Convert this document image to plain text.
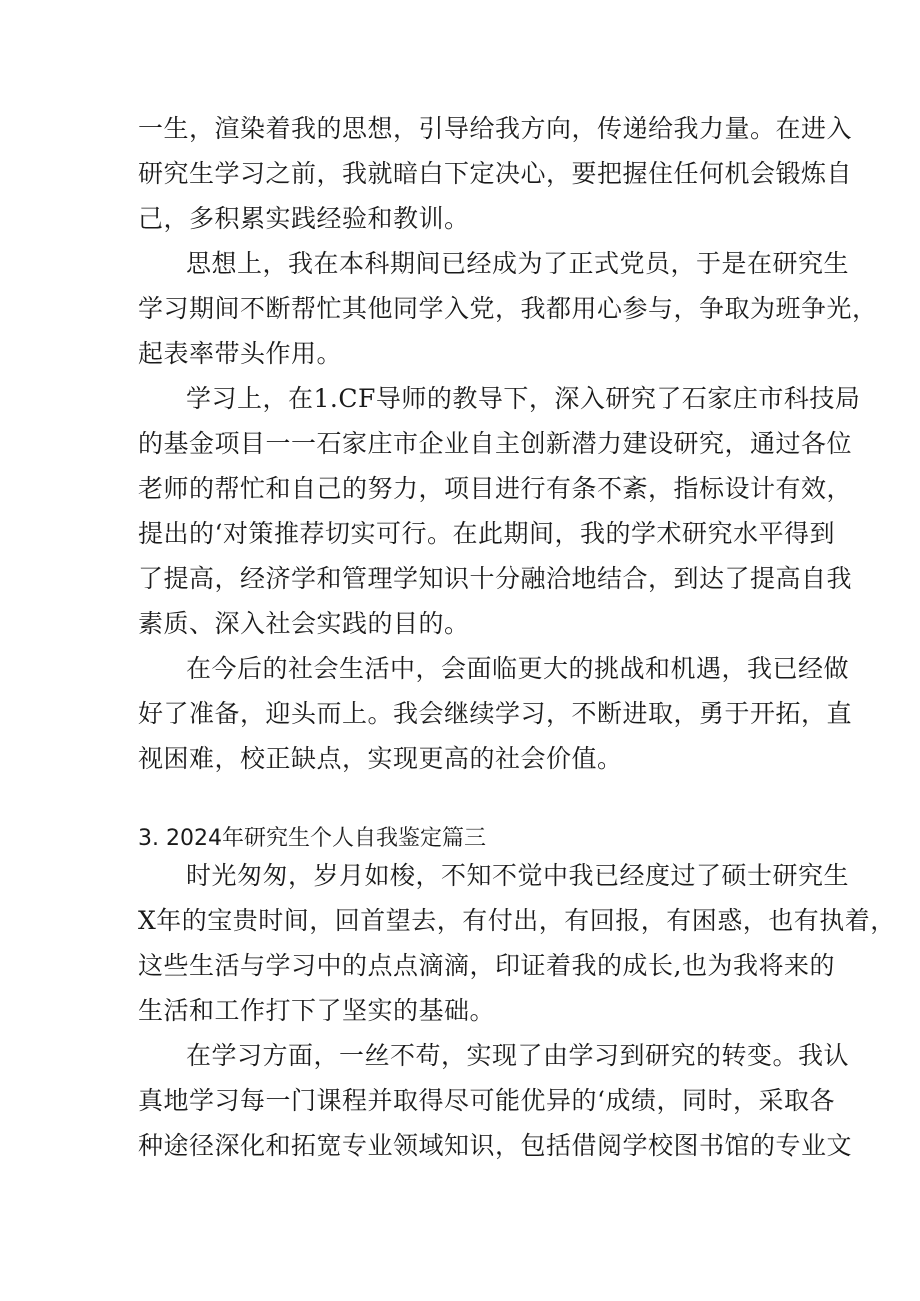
一生，渲染着我的思想，引导给我方向，传递给我力量。在进入
研究生学习之前，我就暗白下定决心，要把握住任何机会锻炼自
己，多积累实践经验和教训。
思想上，我在本科期间已经成为了正式党员，于是在研究生
学习期间不断帮忙其他同学入党，我都用心参与，争取为班争光，
起表率带头作用。
学习上，在1.CF导师的教导下，深入研究了石家庄市科技局
的基金项目一一石家庄市企业自主创新潜力建设研究，通过各位
老师的帮忙和自己的努力，项目进行有条不紊，指标设计有效，
提出的‘对策推荐切实可行。在此期间，我的学术研究水平得到
了提高，经济学和管理学知识十分融洽地结合，到达了提高自我
素质、深入社会实践的目的。
在今后的社会生活中，会面临更大的挑战和机遇，我已经做
好了准备，迎头而上。我会继续学习，不断进取，勇于开拓，直
视困难，校正缺点，实现更高的社会价值。
3. 2024年研究生个人自我鉴定篇三
时光匆匆，岁月如梭，不知不觉中我已经度过了硕士研究生
X年的宝贵时间，回首望去，有付出，有回报，有困惑，也有执着，
这些生活与学习中的点点滴滴，印证着我的成长,也为我将来的
生活和工作打下了坚实的基础。
在学习方面，一丝不苟，实现了由学习到研究的转变。我认
真地学习每一门课程并取得尽可能优异的‘成绩，同时，采取各
种途径深化和拓宽专业领域知识，包括借阅学校图书馆的专业文
